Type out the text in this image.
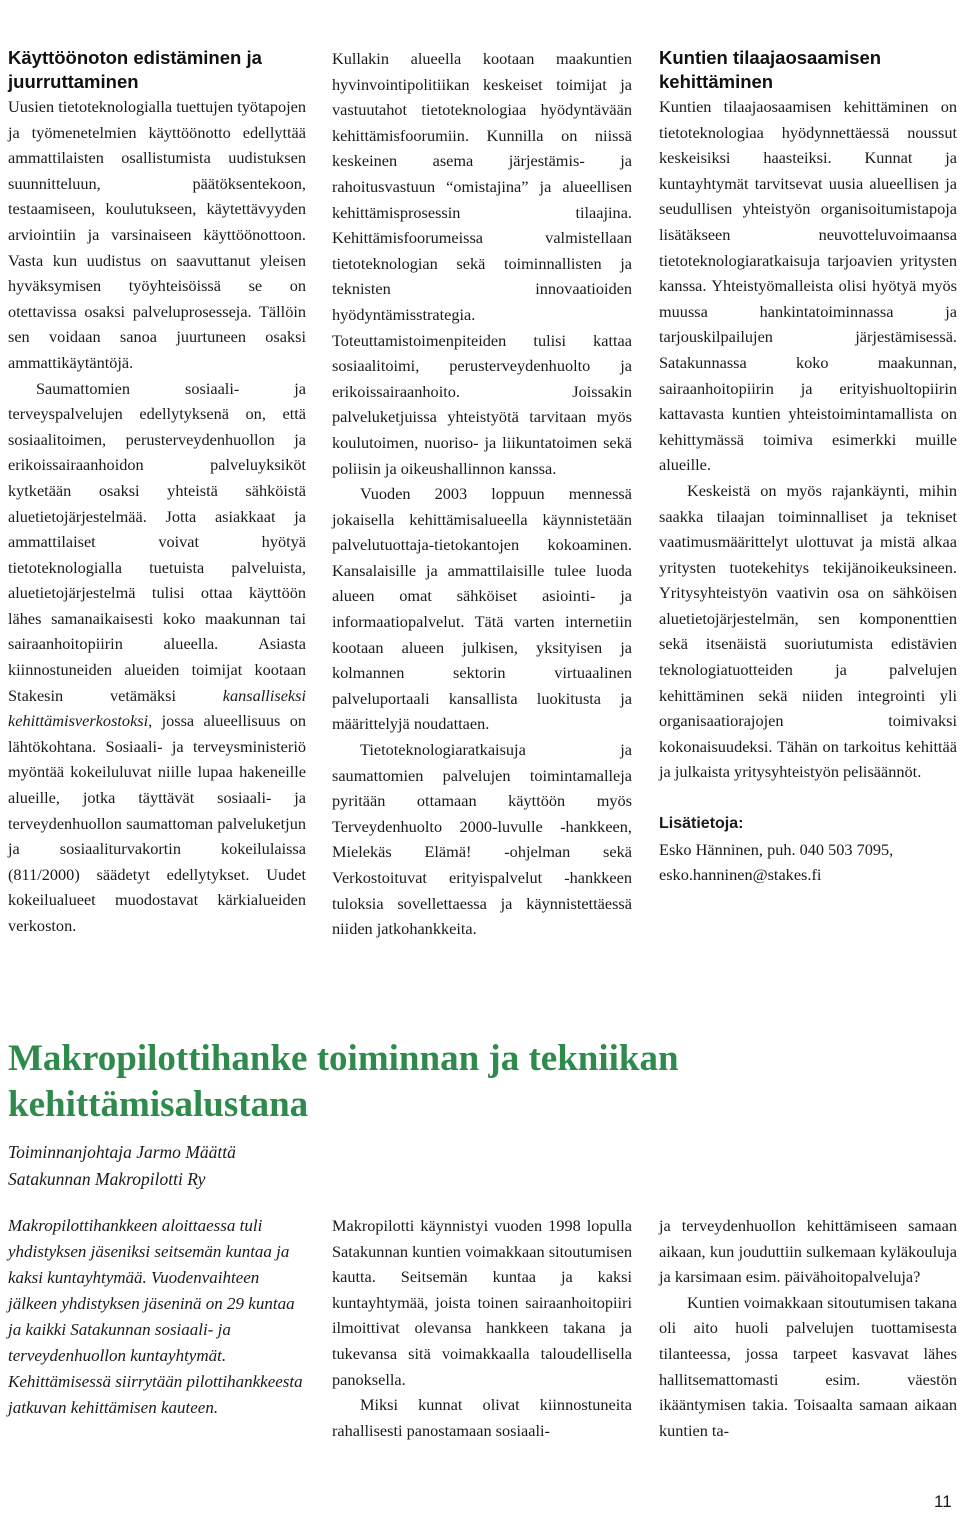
Käyttöönoton edistäminen ja juurruttaminen

Uusien tietoteknologialla tuettujen työtapojen ja työmenetelmien käyttöönotto edellyttää ammattilaisten osallistumista uudistuksen suunnitteluun, päätöksentekoon, testaamiseen, koulutukseen, käytettävyyden arviointiin ja varsinaiseen käyttöönottoon. Vasta kun uudistus on saavuttanut yleisen hyväksymisen työyhteisöissä se on otettavissa osaksi palveluprosesseja. Tällöin sen voidaan sanoa juurtuneen osaksi ammattikäytäntöjä.

Saumattomien sosiaali- ja terveyspalvelujen edellytyksenä on, että sosiaalitoimen, perusterveydenhuollon ja erikoissairaanhoidon palveluyksiköt kytketään osaksi yhteistä sähköistä aluetietojärjestelmää. Jotta asiakkaat ja ammattilaiset voivat hyötyä tietoteknologialla tuetuista palveluista, aluetietojärjestelmä tulisi ottaa käyttöön lähes samanaikaisesti koko maakunnan tai sairaanhoitopiirin alueella. Asiasta kiinnostuneiden alueiden toimijat kootaan Stakesin vetämäksi kansalliseksi kehittämisverkostoksi, jossa alueellisuus on lähtökohtana. Sosiaali- ja terveysministeriö myöntää kokeiluluvat niille lupaa hakeneille alueille, jotka täyttävät sosiaali- ja terveydenhuollon saumattoman palveluketjun ja sosiaaliturvakortin kokeilulaissa (811/2000) säädetyt edellytykset. Uudet kokeilualueet muodostavat kärkialueiden verkoston.

Kullakin alueella kootaan maakuntien hyvinvointipolitiikan keskeiset toimijat ja vastuutahot tietoteknologiaa hyödyntävään kehittämisfoorumiin. Kunnilla on niissä keskeinen asema järjestämis- ja rahoitusvastuun “omistajina” ja alueellisen kehittämisprosessin tilaajina. Kehittämisfoorumeissa valmistellaan tietoteknologian sekä toiminnallisten ja teknisten innovaatioiden hyödyntämisstrategia. Toteuttamistoimenpiteiden tulisi kattaa sosiaalitoimi, perusterveydenhuolto ja erikoissairaanhoito. Joissakin palveluketjuissa yhteistyötä tarvitaan myös koulutoimen, nuoriso- ja liikuntatoimen sekä poliisin ja oikeushallinnon kanssa.

Vuoden 2003 loppuun mennessä jokaisella kehittämisalueella käynnistetään palvelutuottaja-tietokantojen kokoaminen. Kansalaisille ja ammattilaisille tulee luoda alueen omat sähköiset asiointi- ja informaatiopalvelut. Tätä varten internetiin kootaan alueen julkisen, yksityisen ja kolmannen sektorin virtuaalinen palveluportaali kansallista luokitusta ja määrittelyjä noudattaen.

Tietoteknologiaratkaisuja ja saumattomien palvelujen toimintamalleja pyritään ottamaan käyttöön myös Terveydenhuolto 2000-luvulle -hankkeen, Mielekäs Elämä! -ohjelman sekä Verkostoituvat erityispalvelut -hankkeen tuloksia sovellettaessa ja käynnistettäessä niiden jatkohankkeita.

Kuntien tilaajaosaamisen kehittäminen

Kuntien tilaajaosaamisen kehittäminen on tietoteknologiaa hyödynnettäessä noussut keskeisiksi haasteiksi. Kunnat ja kuntayhtymät tarvitsevat uusia alueellisen ja seudullisen yhteistyön organisoitumistapoja lisätäkseen neuvotteluvoimaansa tietoteknologiaratkaisuja tarjoavien yritysten kanssa. Yhteistyömalleista olisi hyötyä myös muussa hankintatoiminnassa ja tarjouskilpailujen järjestämisessä. Satakunnassa koko maakunnan, sairaanhoitopiirin ja erityishuoltopiirin kattavasta kuntien yhteistoimintamallista on kehittymässä toimiva esimerkki muille alueille.

Keskeistä on myös rajankäynti, mihin saakka tilaajan toiminnalliset ja tekniset vaatimusmäärittelyt ulottuvat ja mistä alkaa yritysten tuotekehitys tekijänoikeuksineen. Yritysyhteistyön vaativin osa on sähköisen aluetietojärjestelmän, sen komponenttien sekä itsenäistä suoriutumista edistävien teknologiatuotteiden ja palvelujen kehittäminen sekä niiden integrointi yli organisaatiorajojen toimivaksi kokonaisuudeksi. Tähän on tarkoitus kehittää ja julkaista yritysyhteistyön pelisäännöt.

Lisätietoja:

Esko Hänninen, puh. 040 503 7095,

esko.hanninen@stakes.fi

Makropilottihanke toiminnan ja tekniikan kehittämisalustana
Toiminnanjohtaja Jarmo Määttä
Satakunnan Makropilotti Ry

Makropilottihankkeen aloittaessa tuli yhdistyksen jäseniksi seitsemän kuntaa ja kaksi kuntayhtymää. Vuodenvaihteen jälkeen yhdistyksen jäseninä on 29 kuntaa ja kaikki Satakunnan sosiaali- ja terveydenhuollon kuntayhtymät. Kehittämisessä siirrytään pilottihankkeesta jatkuvan kehittämisen kauteen.

Makropilotti käynnistyi vuoden 1998 lopulla Satakunnan kuntien voimakkaan sitoutumisen kautta. Seitsemän kuntaa ja kaksi kuntayhtymää, joista toinen sairaanhoitopiiri ilmoittivat olevansa hankkeen takana ja tukevansa sitä voimakkaalla taloudellisella panoksella.

Miksi kunnat olivat kiinnostuneita rahallisesti panostamaan sosiaali-

ja terveydenhuollon kehittämiseen samaan aikaan, kun jouduttiin sulkemaan kyläkouluja ja karsimaan esim. päivähoitopalveluja?

Kuntien voimakkaan sitoutumisen takana oli aito huoli palvelujen tuottamisesta tilanteessa, jossa tarpeet kasvavat lähes hallitsemattomasti esim. väestön ikääntymisen takia. Toisaalta samaan aikaan kuntien ta-

11
